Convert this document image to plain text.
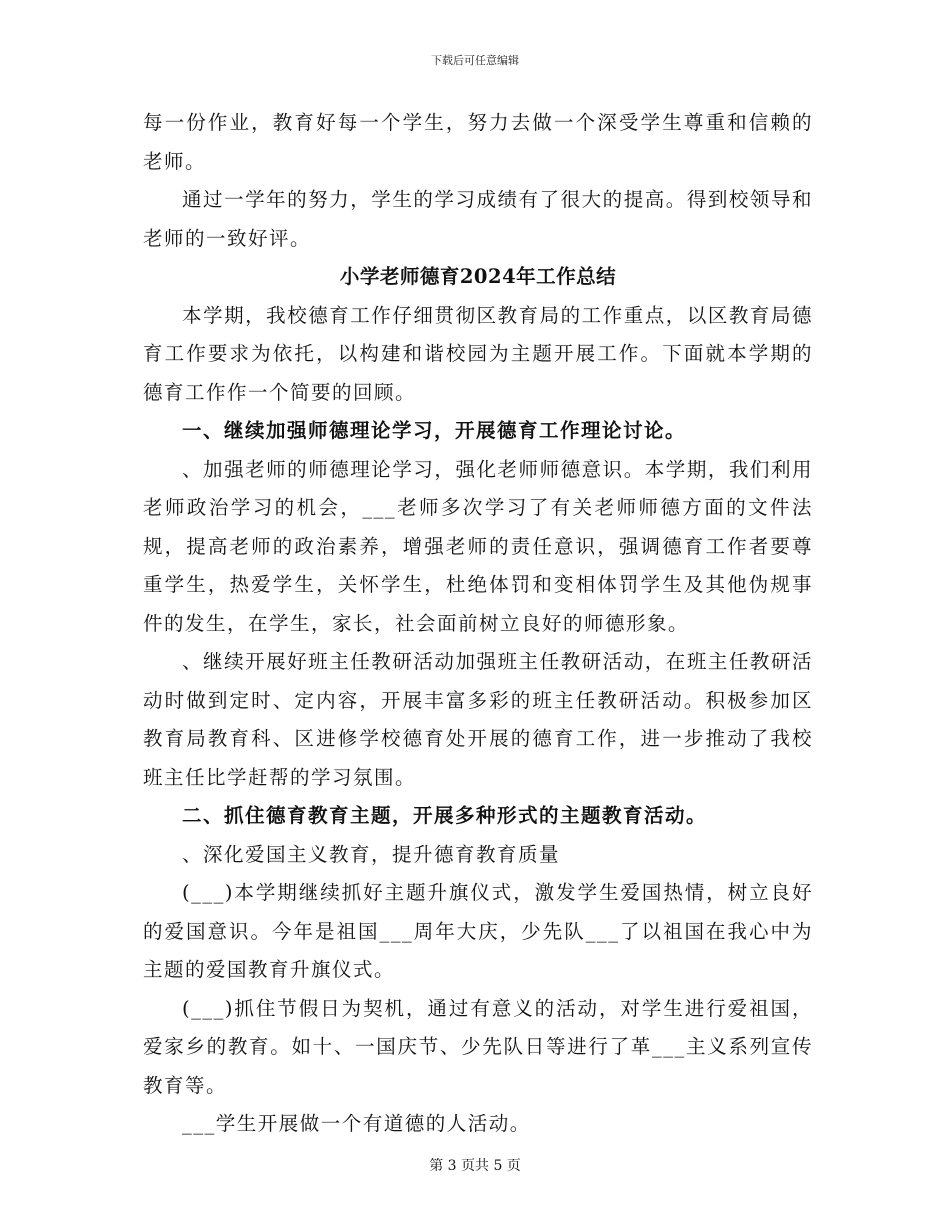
下载后可任意编辑

每一份作业，教育好每一个学生，努力去做一个深受学生尊重和信赖的老师。

通过一学年的努力，学生的学习成绩有了很大的提高。得到校领导和老师的一致好评。

小学老师德育2024年工作总结

本学期，我校德育工作仔细贯彻区教育局的工作重点，以区教育局德育工作要求为依托，以构建和谐校园为主题开展工作。下面就本学期的德育工作作一个简要的回顾。

一、继续加强师德理论学习，开展德育工作理论讨论。

、加强老师的师德理论学习，强化老师师德意识。本学期，我们利用老师政治学习的机会，___老师多次学习了有关老师师德方面的文件法规，提高老师的政治素养，增强老师的责任意识，强调德育工作者要尊重学生，热爱学生，关怀学生，杜绝体罚和变相体罚学生及其他伪规事件的发生，在学生，家长，社会面前树立良好的师德形象。

、继续开展好班主任教研活动加强班主任教研活动，在班主任教研活动时做到定时、定内容，开展丰富多彩的班主任教研活动。积极参加区教育局教育科、区进修学校德育处开展的德育工作，进一步推动了我校班主任比学赶帮的学习氛围。

二、抓住德育教育主题，开展多种形式的主题教育活动。

、深化爱国主义教育，提升德育教育质量

(___)本学期继续抓好主题升旗仪式，激发学生爱国热情，树立良好的爱国意识。今年是祖国___周年大庆，少先队___了以祖国在我心中为主题的爱国教育升旗仪式。

(___)抓住节假日为契机，通过有意义的活动，对学生进行爱祖国，爱家乡的教育。如十、一国庆节、少先队日等进行了革___主义系列宣传教育等。

___学生开展做一个有道德的人活动。

第 3 页共 5 页
